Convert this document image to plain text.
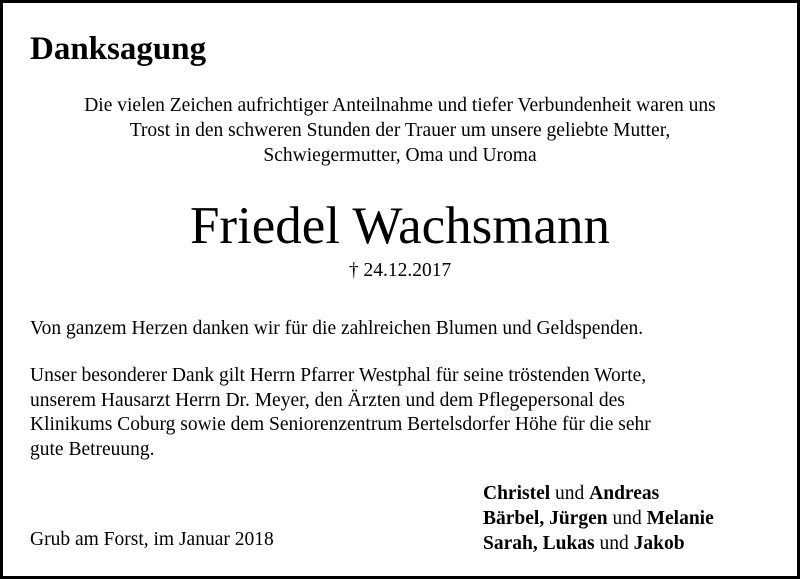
Danksagung
Die vielen Zeichen aufrichtiger Anteilnahme und tiefer Verbundenheit waren uns
Trost in den schweren Stunden der Trauer um unsere geliebte Mutter,
Schwiegermutter, Oma und Uroma
Friedel Wachsmann
† 24.12.2017
Von ganzem Herzen danken wir für die zahlreichen Blumen und Geldspenden.
Unser besonderer Dank gilt Herrn Pfarrer Westphal für seine tröstenden Worte,
unserem Hausarzt Herrn Dr. Meyer, den Ärzten und dem Pflegepersonal des
Klinikums Coburg sowie dem Seniorenzentrum Bertelsdorfer Höhe für die sehr
gute Betreuung.
Grub am Forst, im Januar 2018
Christel und Andreas
Bärbel, Jürgen und Melanie
Sarah, Lukas und Jakob
